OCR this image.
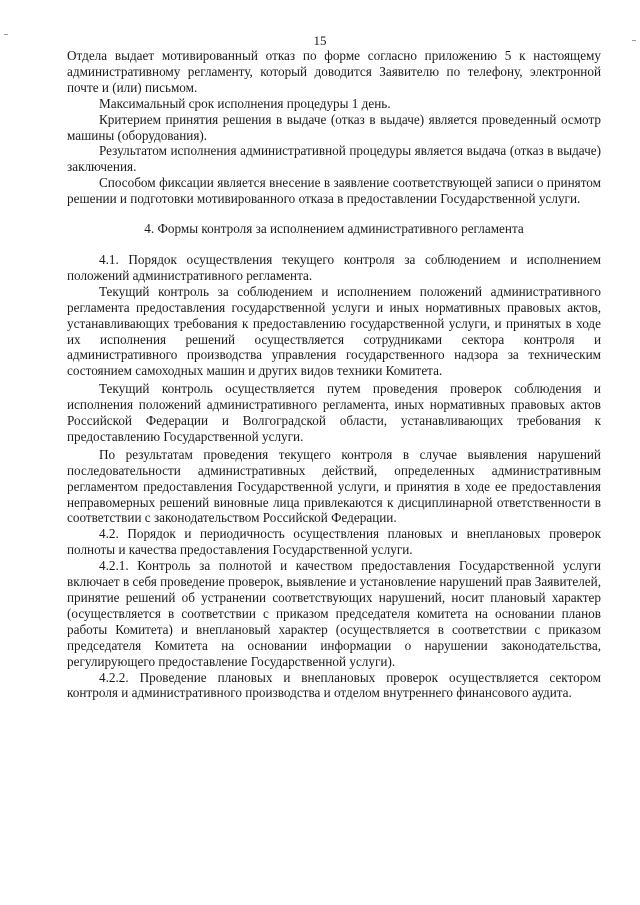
15

Отдела выдает мотивированный отказ по форме согласно приложению 5 к настоящему административному регламенту, который доводится Заявителю по телефону, электронной почте и (или) письмом.

Максимальный срок исполнения процедуры 1 день.

Критерием принятия решения в выдаче (отказ в выдаче) является проведенный осмотр машины (оборудования).

Результатом исполнения административной процедуры является выдача (отказ в выдаче) заключения.

Способом фиксации является внесение в заявление соответствующей записи о принятом решении и подготовки мотивированного отказа в предоставлении Государственной услуги.

4. Формы контроля за исполнением административного регламента

4.1. Порядок осуществления текущего контроля за соблюдением и исполнением положений административного регламента.

Текущий контроль за соблюдением и исполнением положений административного регламента предоставления государственной услуги и иных нормативных правовых актов, устанавливающих требования к предоставлению государственной услуги, и принятых в ходе их исполнения решений осуществляется сотрудниками сектора контроля и административного производства управления государственного надзора за техническим состоянием самоходных машин и других видов техники Комитета.

Текущий контроль осуществляется путем проведения проверок соблюдения и исполнения положений административного регламента, иных нормативных правовых актов Российской Федерации и Волгоградской области, устанавливающих требования к предоставлению Государственной услуги.

По результатам проведения текущего контроля в случае выявления нарушений последовательности административных действий, определенных административным регламентом предоставления Государственной услуги, и принятия в ходе ее предоставления неправомерных решений виновные лица привлекаются к дисциплинарной ответственности в соответствии с законодательством Российской Федерации.

4.2. Порядок и периодичность осуществления плановых и внеплановых проверок полноты и качества предоставления Государственной услуги.

4.2.1. Контроль за полнотой и качеством предоставления Государственной услуги включает в себя проведение проверок, выявление и установление нарушений прав Заявителей, принятие решений об устранении соответствующих нарушений, носит плановый характер (осуществляется в соответствии с приказом председателя комитета на основании планов работы Комитета) и внеплановый характер (осуществляется в соответствии с приказом председателя Комитета на основании информации о нарушении законодательства, регулирующего предоставление Государственной услуги).

4.2.2. Проведение плановых и внеплановых проверок осуществляется сектором контроля и административного производства и отделом внутреннего финансового аудита.
